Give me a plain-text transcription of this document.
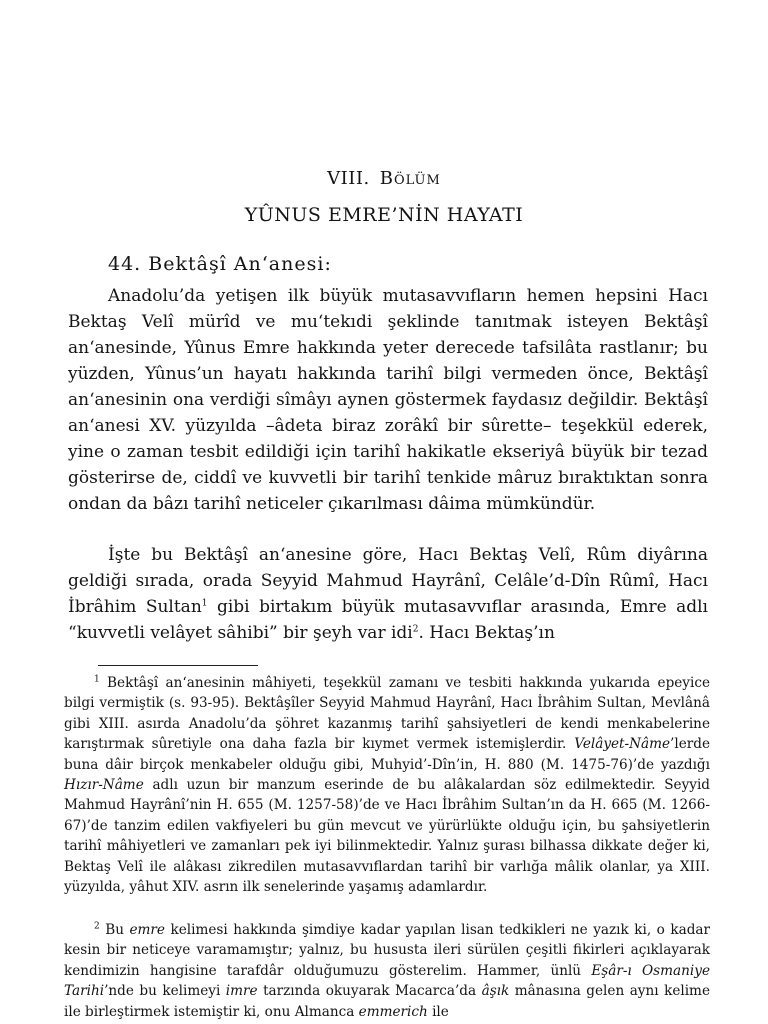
VIII. Bölüm
YÛNUS EMRE’NİN HAYATI
44. Bektâşî An‘anesi:

Anadolu’da yetişen ilk büyük mutasavvıfların hemen hepsini Hacı Bektaş Velî mürîd ve mu‘tekıdi şeklinde tanıtmak isteyen Bektâşî an‘anesinde, Yûnus Emre hakkında yeter derecede tafsilâta rastlanır; bu yüzden, Yûnus’un hayatı hakkında tarihî bilgi vermeden önce, Bektâşî an‘anesinin ona verdiği sîmâyı aynen göstermek faydasız değildir. Bektâşî an‘anesi XV. yüzyılda –âdeta biraz zorâkî bir sûrette– teşekkül ederek, yine o zaman tesbit edildiği için tarihî hakikatle ekseriyâ büyük bir tezad gösterirse de, ciddî ve kuvvetli bir tarihî tenkide mâruz bıraktıktan sonra ondan da bâzı tarihî neticeler çıkarılması dâima mümkündür.

İşte bu Bektâşî an‘anesine göre, Hacı Bektaş Velî, Rûm diyârına geldiği sırada, orada Seyyid Mahmud Hayrânî, Celâle’d-Dîn Rûmî, Hacı İbrâhim Sultan$^1$ gibi birtakım büyük mutasavvıflar arasında, Emre adlı “kuvvetli velâyet sâhibi” bir şeyh var idi$^2$. Hacı Bektaş’ın

$^1$ Bektâşî an‘anesinin mâhiyeti, teşekkül zamanı ve tesbiti hakkında yukarıda epeyice bilgi vermiştik (s. 93-95). Bektâşîler Seyyid Mahmud Hayrânî, Hacı İbrâhim Sultan, Mevlânâ gibi XIII. asırda Anadolu’da şöhret kazanmış tarihî şahsiyetleri de kendi menkabelerine karıştırmak sûretiyle ona daha fazla bir kıymet vermek istemişlerdir. Velâyet-Nâme’lerde buna dâir birçok menkabeler olduğu gibi, Muhyid’-Dîn’in, H. 880 (M. 1475-76)’de yazdığı Hızır-Nâme adlı uzun bir manzum eserinde de bu alâkalardan söz edilmektedir. Seyyid Mahmud Hayrânî’nin H. 655 (M. 1257-58)’de ve Hacı İbrâhim Sultan’ın da H. 665 (M. 1266-67)’de tanzim edilen vakfiyeleri bu gün mevcut ve yürürlükte olduğu için, bu şahsiyetlerin tarihî mâhiyetleri ve zamanları pek iyi bilinmektedir. Yalnız şurası bilhassa dikkate değer ki, Bektaş Velî ile alâkası zikredilen mutasavvıflardan tarihî bir varlığa mâlik olanlar, ya XIII. yüzyılda, yâhut XIV. asrın ilk senelerinde yaşamış adamlardır.

$^2$ Bu emre kelimesi hakkında şimdiye kadar yapılan lisan tedkikleri ne yazık ki, o kadar kesin bir neticeye varamamıştır; yalnız, bu hususta ileri sürülen çeşitli fikirleri açıklayarak kendimizin hangisine tarafdâr olduğumuzu gösterelim. Hammer, ünlü Eşâr-ı Osmaniye Tarihi’nde bu kelimeyi imre tarzında okuyarak Macarca’da âşık mânasına gelen aynı kelime ile birleştirmek istemiştir ki, onu Almanca emmerich ile
